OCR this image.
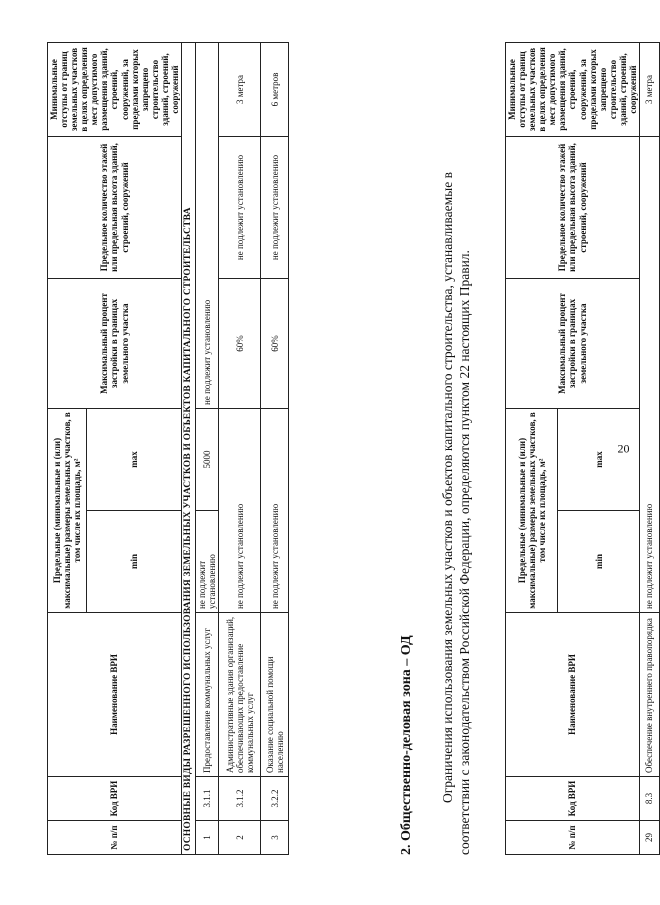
20
№ п/п	Код ВРИ	Наименование ВРИ	Предельные (минимальные и (или) максимальные) размеры земельных участков, в том числе их площадь, м²		Максимальный процент застройки в границах земельного участка	Предельное количество этажей или предельная высота зданий, строений, сооружений	Минимальные отступы от границ земельных участков в целях определения мест допустимого размещения зданий, строений, сооружений, за пределами которых запрещено строительство зданий, строений, сооружений
			min	max			
29	8.3	Обеспечение внутреннего правопорядка	не подлежит установлению				3 метра
Ограничения использования земельных участков и объектов капитального строительства, устанавливаемые в соответствии с законодательством Российской Федерации, определяются пунктом 22 настоящих Правил.
2. Общественно-деловая зона – ОД
№ п/п	Код ВРИ	Наименование ВРИ	Предельные (минимальные и (или) максимальные) размеры земельных участков, в том числе их площадь, м²		Максимальный процент застройки в границах земельного участка	Предельное количество этажей или предельная высота зданий, строений, сооружений	Минимальные отступы от границ земельных участков в целях определения мест допустимого размещения зданий, строений, сооружений, за пределами которых запрещено строительство зданий, строений, сооружений
			min	max			
ОСНОВНЫЕ ВИДЫ РАЗРЕШЕННОГО ИСПОЛЬЗОВАНИЯ ЗЕМЕЛЬНЫХ УЧАСТКОВ И ОБЪЕКТОВ КАПИТАЛЬНОГО СТРОИТЕЛЬСТВА							
1	3.1.1	Предоставление коммунальных услуг	не подлежит установлению	5000	не подлежит установлению		
2	3.1.2	Административные здания организаций, обеспечивающих предоставление коммунальных услуг	не подлежит установлению		60%	не подлежит установлению	3 метра
3	3.2.2	Оказание социальной помощи населению	не подлежит установлению		60%	не подлежит установлению	6 метров
